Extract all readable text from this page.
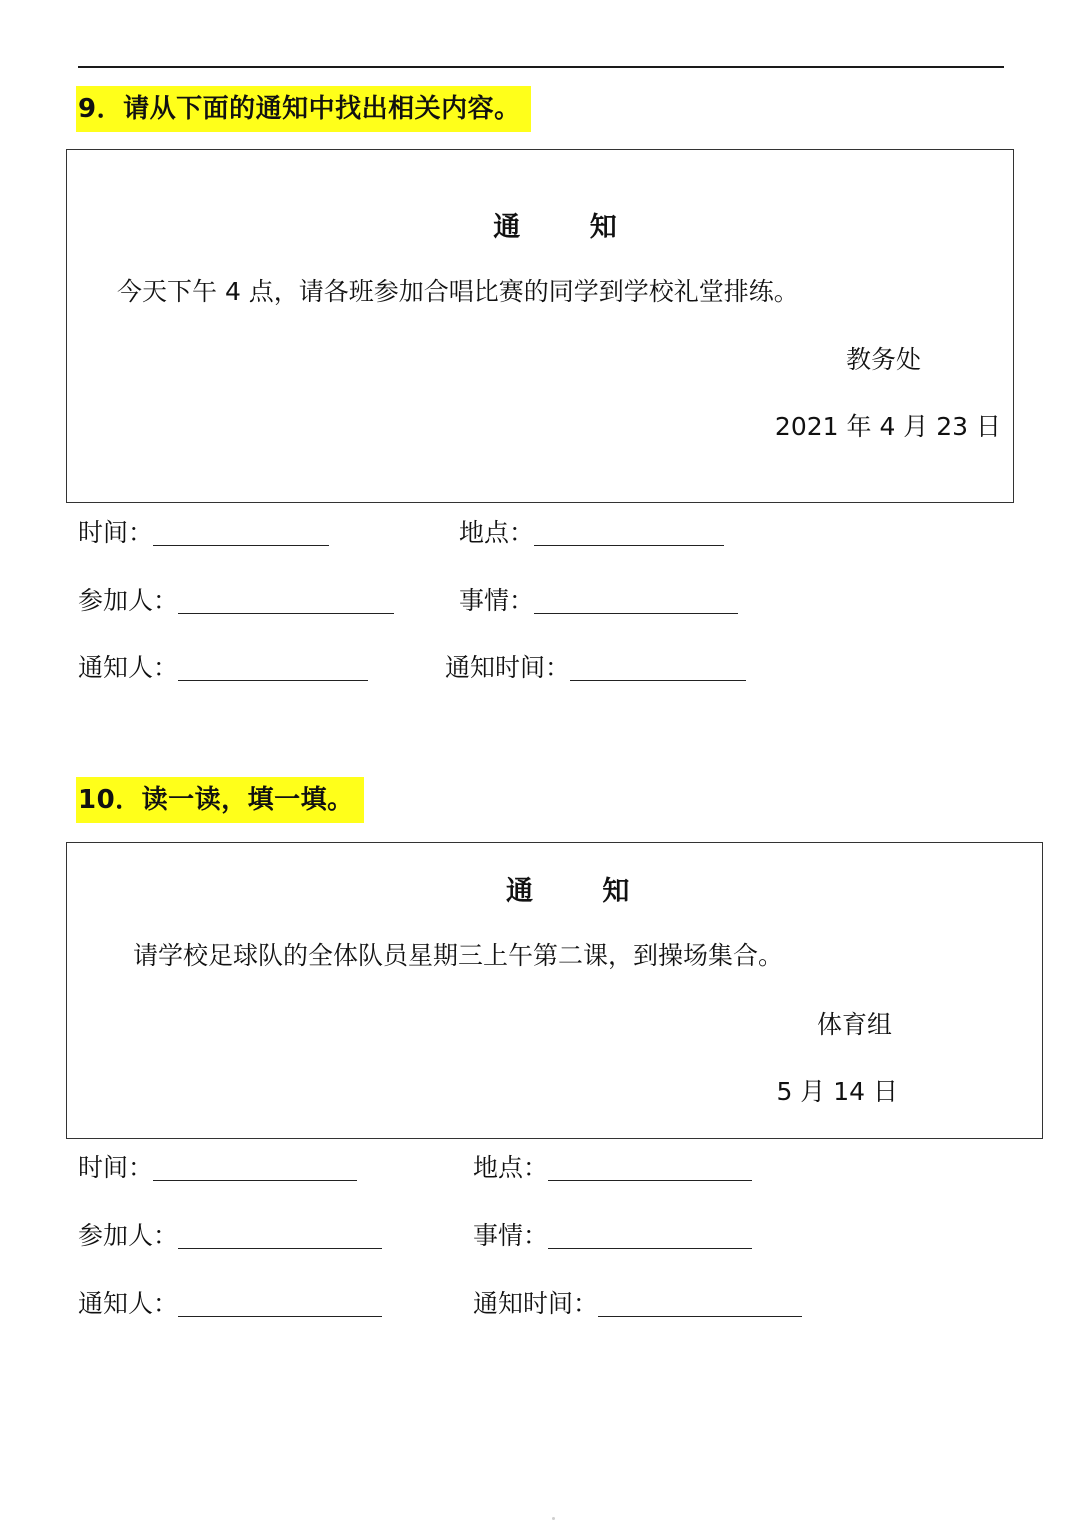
9．请从下面的通知中找出相关内容。
通 知
今天下午 4 点，请各班参加合唱比赛的同学到学校礼堂排练。
教务处
2021 年 4 月 23 日
时间：	地点：
参加人：	事情：
通知人：	通知时间：
10．读一读，填一填。
通 知
请学校足球队的全体队员星期三上午第二课，到操场集合。
体育组
5 月 14 日
时间：	地点：
参加人：	事情：
通知人：	通知时间：
